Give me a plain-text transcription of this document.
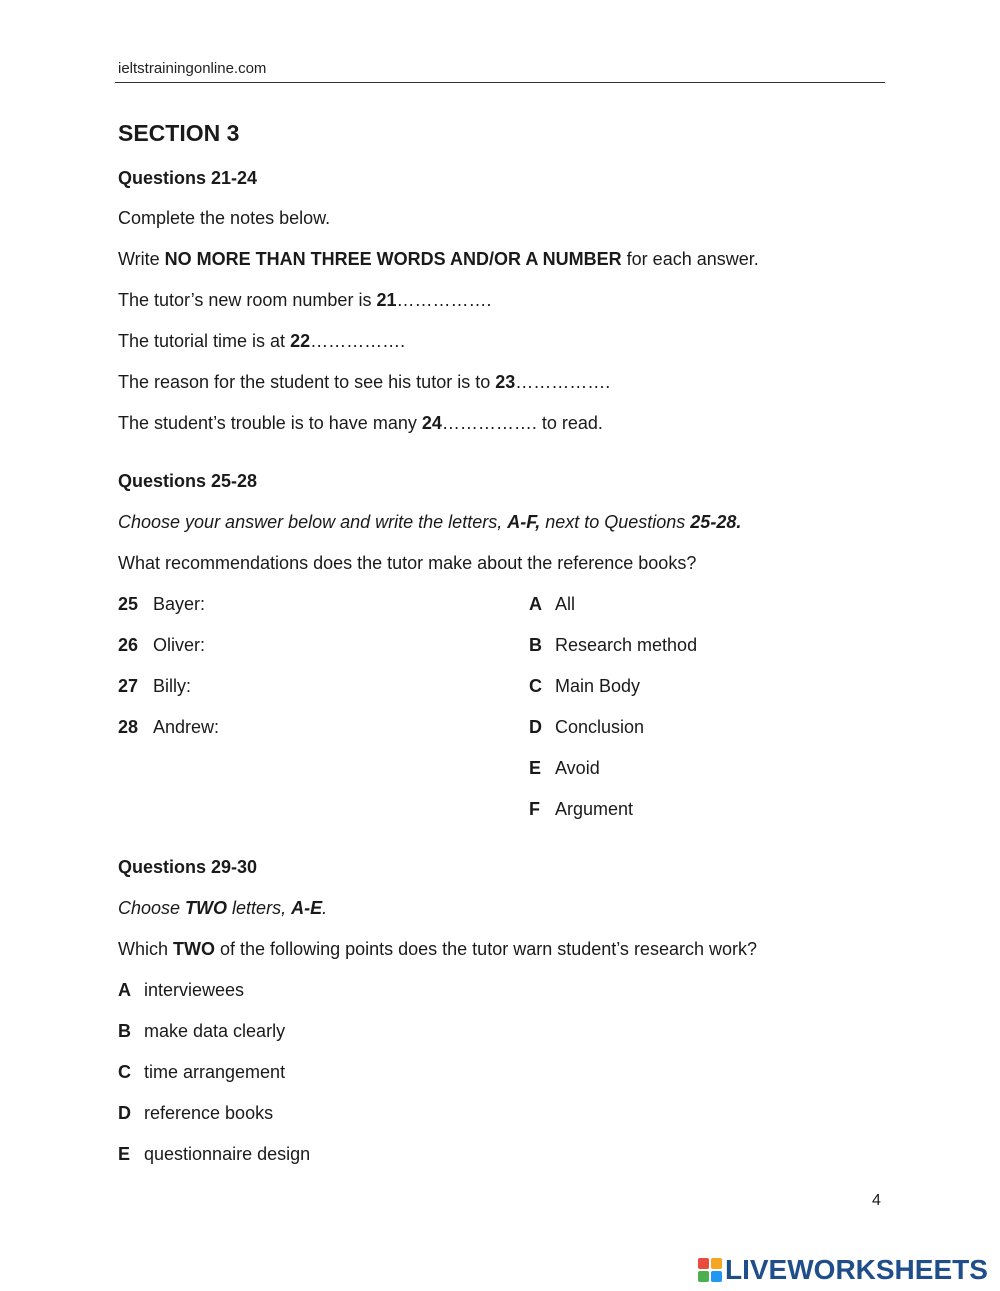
ieltstrainingonline.com
SECTION 3
Questions 21-24
Complete the notes below.
Write NO MORE THAN THREE WORDS AND/OR A NUMBER for each answer.
The tutor’s new room number is 21…………….
The tutorial time is at 22…………….
The reason for the student to see his tutor is to 23…………….
The student’s trouble is to have many 24……………. to read.
Questions 25-28
Choose your answer below and write the letters, A-F, next to Questions 25-28.
What recommendations does the tutor make about the reference books?
25 Bayer:
26 Oliver:
27 Billy:
28 Andrew:
A All
B Research method
C Main Body
D Conclusion
E Avoid
F Argument
Questions 29-30
Choose TWO letters, A-E.
Which TWO of the following points does the tutor warn student’s research work?
A interviewees
B make data clearly
C time arrangement
D reference books
E questionnaire design
4
LIVEWORKSHEETS
